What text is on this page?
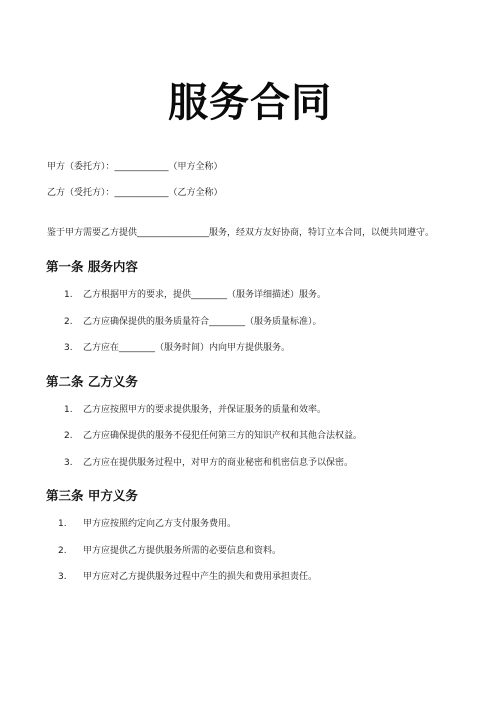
服务合同
甲方（委托方）：____________（甲方全称）
乙方（受托方）：____________（乙方全称）
鉴于甲方需要乙方提供________________服务，经双方友好协商，特订立本合同，以便共同遵守。
第一条 服务内容
1. 乙方根据甲方的要求，提供________（服务详细描述）服务。
2. 乙方应确保提供的服务质量符合________（服务质量标准）。
3. 乙方应在________（服务时间）内向甲方提供服务。
第二条 乙方义务
1. 乙方应按照甲方的要求提供服务，并保证服务的质量和效率。
2. 乙方应确保提供的服务不侵犯任何第三方的知识产权和其他合法权益。
3. 乙方应在提供服务过程中，对甲方的商业秘密和机密信息予以保密。
第三条 甲方义务
1. 甲方应按照约定向乙方支付服务费用。
2. 甲方应提供乙方提供服务所需的必要信息和资料。
3. 甲方应对乙方提供服务过程中产生的损失和费用承担责任。
